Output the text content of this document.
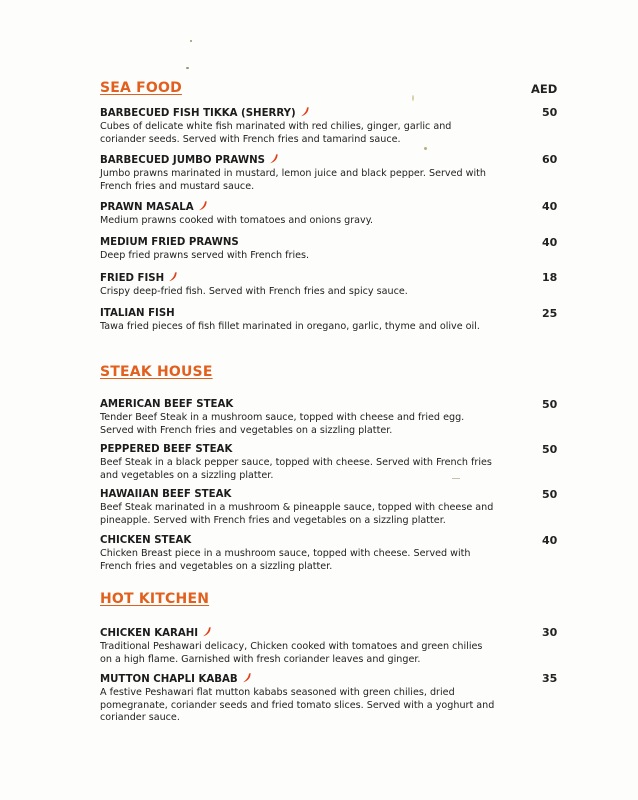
AED
SEA FOOD
BARBECUED FISH TIKKA (SHERRY)
Cubes of delicate white fish marinated with red chilies, ginger, garlic and coriander seeds. Served with French fries and tamarind sauce.
50
BARBECUED JUMBO PRAWNS
Jumbo prawns marinated in mustard, lemon juice and black pepper. Served with French fries and mustard sauce.
60
PRAWN MASALA
Medium prawns cooked with tomatoes and onions gravy.
40
MEDIUM FRIED PRAWNS
Deep fried prawns served with French fries.
40
FRIED FISH
Crispy deep-fried fish. Served with French fries and spicy sauce.
18
ITALIAN FISH
Tawa fried pieces of fish fillet marinated in oregano, garlic, thyme and olive oil.
25
STEAK HOUSE
AMERICAN BEEF STEAK
Tender Beef Steak in a mushroom sauce, topped with cheese and fried egg. Served with French fries and vegetables on a sizzling platter.
50
PEPPERED BEEF STEAK
Beef Steak in a black pepper sauce, topped with cheese. Served with French fries and vegetables on a sizzling platter.
50
HAWAIIAN BEEF STEAK
Beef Steak marinated in a mushroom & pineapple sauce, topped with cheese and pineapple. Served with French fries and vegetables on a sizzling platter.
50
CHICKEN STEAK
Chicken Breast piece in a mushroom sauce, topped with cheese. Served with French fries and vegetables on a sizzling platter.
40
HOT KITCHEN
CHICKEN KARAHI
Traditional Peshawari delicacy, Chicken cooked with tomatoes and green chilies on a high flame. Garnished with fresh coriander leaves and ginger.
30
MUTTON CHAPLI KABAB
A festive Peshawari flat mutton kababs seasoned with green chilies, dried pomegranate, coriander seeds and fried tomato slices. Served with a yoghurt and coriander sauce.
35
